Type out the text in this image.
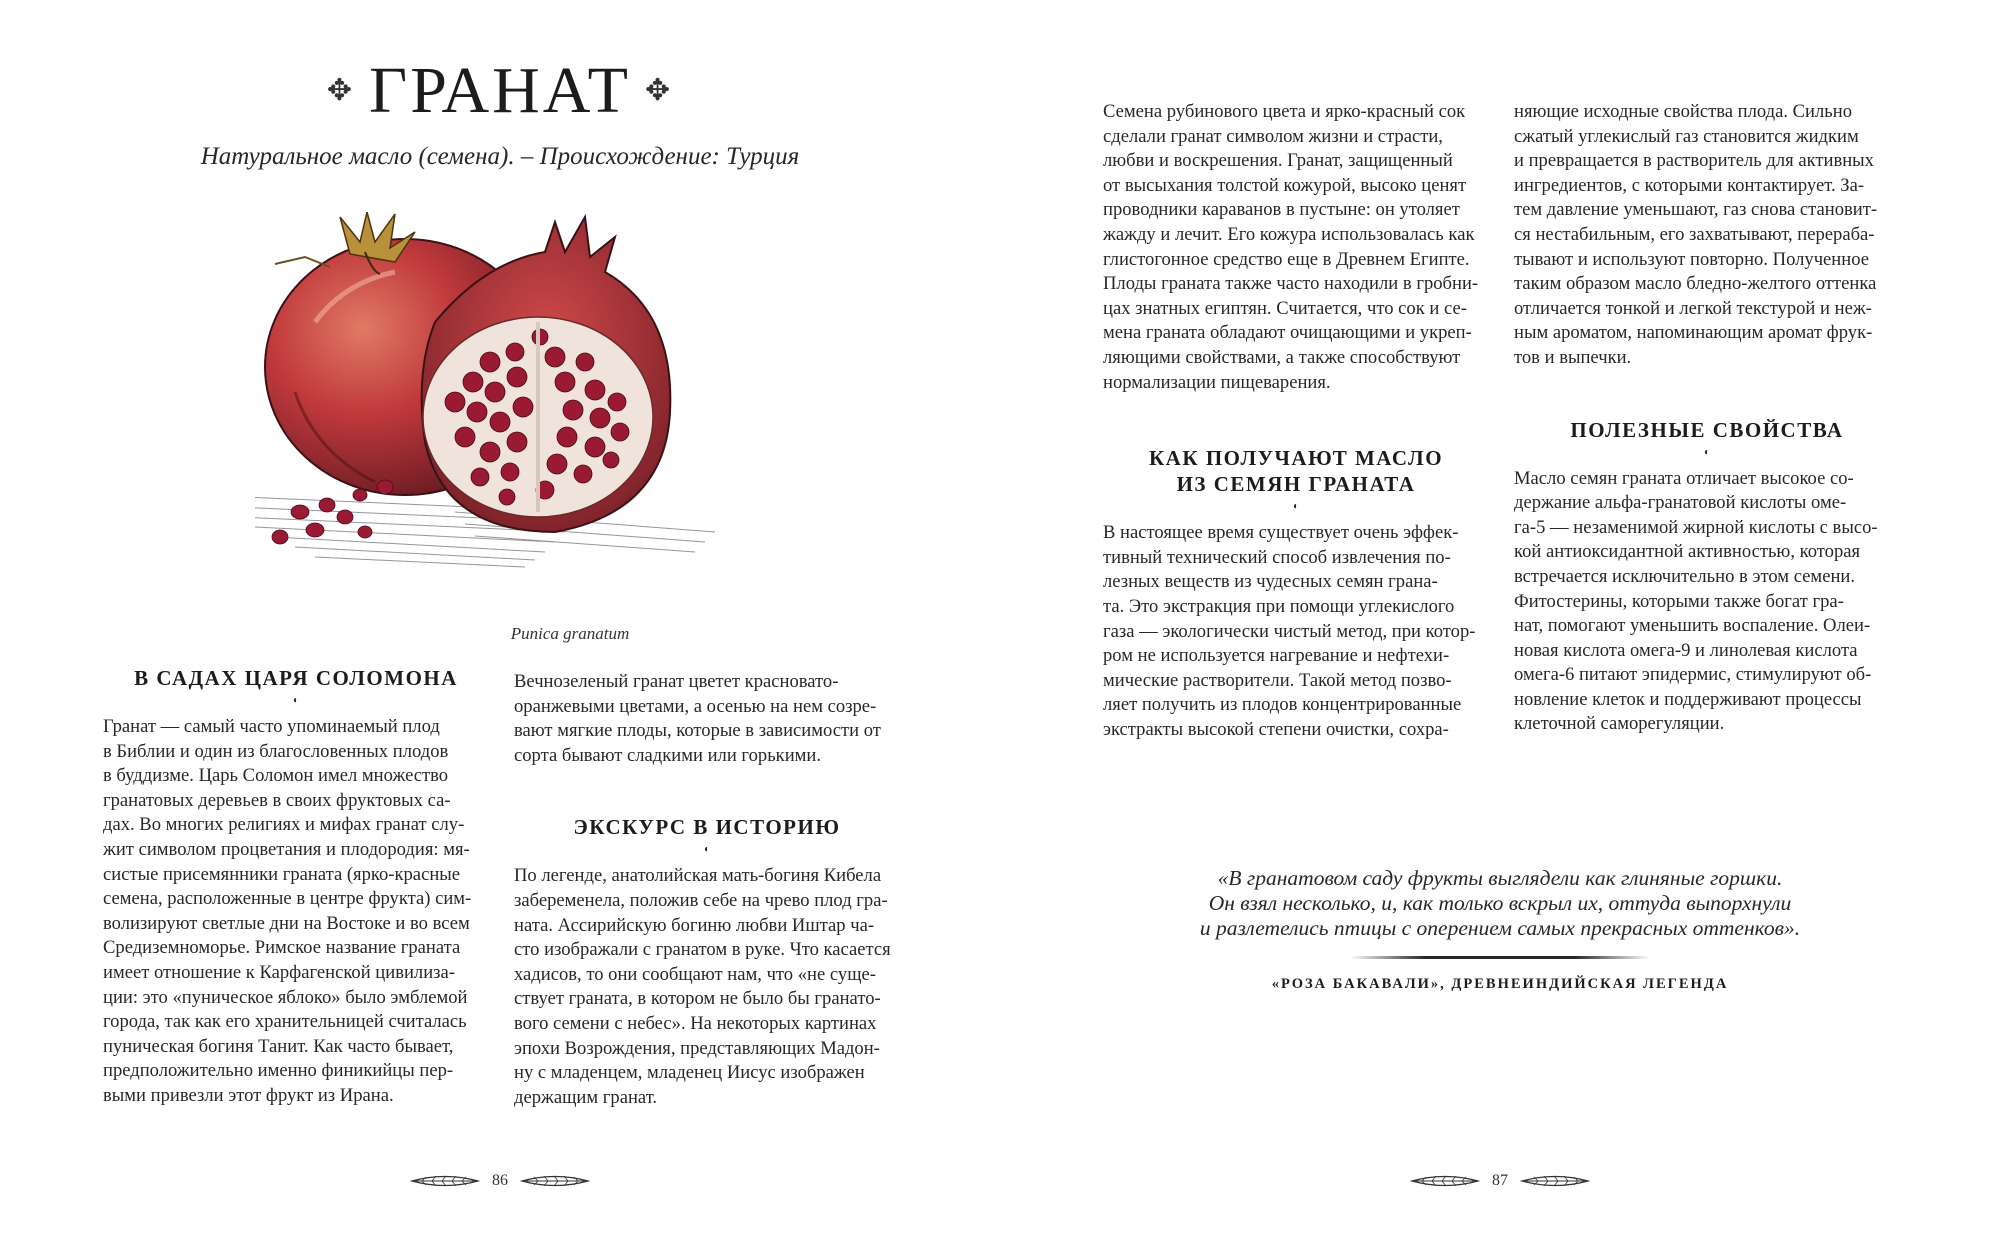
✥ ГРАНАТ ✥
Натуральное масло (семена). – Происхождение: Турция
Punica granatum
В САДАХ ЦАРЯ СОЛОМОНА
◐

Гранат — самый часто упоминаемый плод

в Библии и один из благословенных плодов

в буддизме. Царь Соломон имел множество

гранатовых деревьев в своих фруктовых са-

дах. Во многих религиях и мифах гранат слу-

жит символом процветания и плодородия: мя-

систые присемянники граната (ярко-красные

семена, расположенные в центре фрукта) сим-

волизируют светлые дни на Востоке и во всем

Средиземноморье. Римское название граната

имеет отношение к Карфагенской цивилиза-

ции: это «пуническое яблоко» было эмблемой

города, так как его хранительницей считалась

пуническая богиня Танит. Как часто бывает,

предположительно именно финикийцы пер-

выми привезли этот фрукт из Ирана.

Вечнозеленый гранат цветет красновато-

оранжевыми цветами, а осенью на нем созре-

вают мягкие плоды, которые в зависимости от

сорта бывают сладкими или горькими.

ЭКСКУРС В ИСТОРИЮ
◐

По легенде, анатолийская мать-богиня Кибела

забеременела, положив себе на чрево плод гра-

ната. Ассирийскую богиню любви Иштар ча-

сто изображали с гранатом в руке. Что касается

хадисов, то они сообщают нам, что «не суще-

ствует граната, в котором не было бы гранато-

вого семени с небес». На некоторых картинах

эпохи Возрождения, представляющих Мадон-

ну с младенцем, младенец Иисус изображен

держащим гранат.

86

Семена рубинового цвета и ярко-красный сок

сделали гранат символом жизни и страсти,

любви и воскрешения. Гранат, защищенный

от высыхания толстой кожурой, высоко ценят

проводники караванов в пустыне: он утоляет

жажду и лечит. Его кожура использовалась как

глистогонное средство еще в Древнем Египте.

Плоды граната также часто находили в гробни-

цах знатных египтян. Считается, что сок и се-

мена граната обладают очищающими и укреп-

ляющими свойствами, а также способствуют

нормализации пищеварения.

КАК ПОЛУЧАЮТ МАСЛО
ИЗ СЕМЯН ГРАНАТА
◐

В настоящее время существует очень эффек-

тивный технический способ извлечения по-

лезных веществ из чудесных семян грана-

та. Это экстракция при помощи углекислого

газа — экологически чистый метод, при котор-

ром не используется нагревание и нефтехи-

мические растворители. Такой метод позво-

ляет получить из плодов концентрированные

экстракты высокой степени очистки, сохра-

няющие исходные свойства плода. Сильно

сжатый углекислый газ становится жидким

и превращается в растворитель для активных

ингредиентов, с которыми контактирует. За-

тем давление уменьшают, газ снова становит-

ся нестабильным, его захватывают, перераба-

тывают и используют повторно. Полученное

таким образом масло бледно-желтого оттенка

отличается тонкой и легкой текстурой и неж-

ным ароматом, напоминающим аромат фрук-

тов и выпечки.

ПОЛЕЗНЫЕ СВОЙСТВА
◐

Масло семян граната отличает высокое со-

держание альфа-гранатовой кислоты оме-

га-5 — незаменимой жирной кислоты с высо-

кой антиоксидантной активностью, которая

встречается исключительно в этом семени.

Фитостерины, которыми также богат гра-

нат, помогают уменьшить воспаление. Олеи-

новая кислота омега-9 и линолевая кислота

омега-6 питают эпидермис, стимулируют об-

новление клеток и поддерживают процессы

клеточной саморегуляции.

«В гранатовом саду фрукты выглядели как глиняные горшки.
Он взял несколько, и, как только вскрыл их, оттуда выпорхнули
и разлетелись птицы с оперением самых прекрасных оттенков».
«РОЗА БАКАВАЛИ», ДРЕВНЕИНДИЙСКАЯ ЛЕГЕНДА
87
